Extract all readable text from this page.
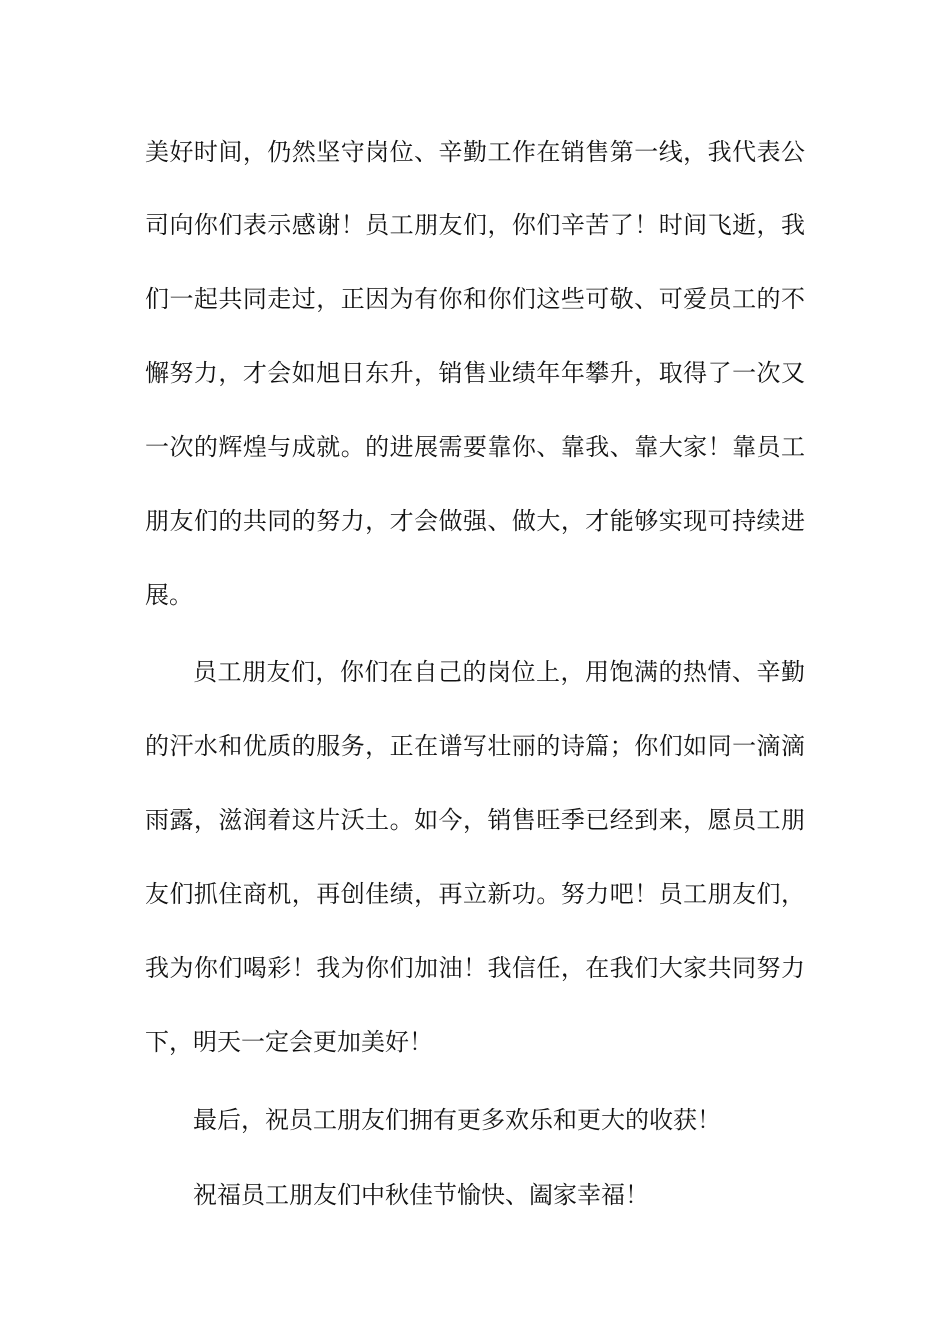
美好时间，仍然坚守岗位、辛勤工作在销售第一线，我代表公
司向你们表示感谢！员工朋友们，你们辛苦了！时间飞逝，我
们一起共同走过，正因为有你和你们这些可敬、可爱员工的不
懈努力，才会如旭日东升，销售业绩年年攀升，取得了一次又
一次的辉煌与成就。的进展需要靠你、靠我、靠大家！靠员工
朋友们的共同的努力，才会做强、做大，才能够实现可持续进
展。
员工朋友们，你们在自己的岗位上，用饱满的热情、辛勤
的汗水和优质的服务，正在谱写壮丽的诗篇；你们如同一滴滴
雨露，滋润着这片沃土。如今，销售旺季已经到来，愿员工朋
友们抓住商机，再创佳绩，再立新功。努力吧！员工朋友们，
我为你们喝彩！我为你们加油！我信任，在我们大家共同努力
下，明天一定会更加美好！
最后，祝员工朋友们拥有更多欢乐和更大的收获！
祝福员工朋友们中秋佳节愉快、阖家幸福！
